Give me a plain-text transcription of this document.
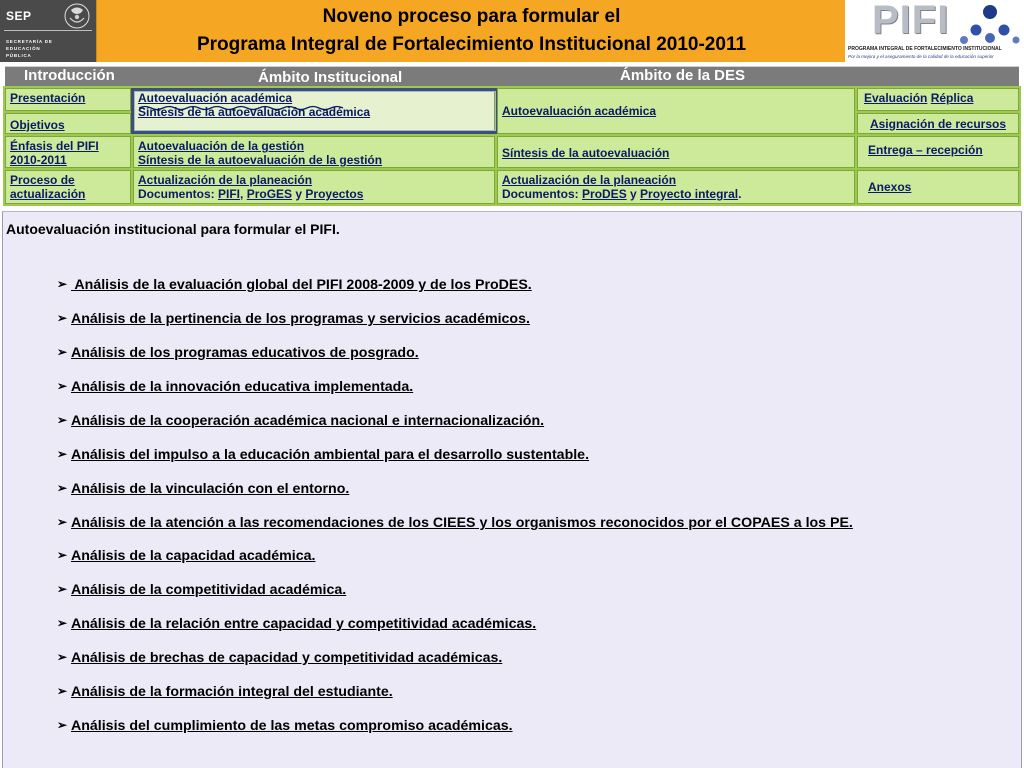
SEP
SECRETARÍA DE EDUCACIÓN PÚBLICA
Noveno proceso para formular el
Programa Integral de Fortalecimiento Institucional 2010-2011
PIFI
PROGRAMA INTEGRAL DE FORTALECIMIENTO INSTITUCIONAL
Por la mejora y el aseguramiento de la calidad de la educación superior
Introducción	Ámbito Institucional	Ámbito de la DES
Presentación
Objetivos
Énfasis del PIFI 2010-2011
Proceso de actualización
Autoevaluación académica
Síntesis de la autoevaluación académica
Autoevaluación de la gestión
Síntesis de la autoevaluación de la gestión
Actualización de la planeación
Documentos: PIFI, ProGES y Proyectos
Autoevaluación académica
Síntesis de la autoevaluación
Actualización de la planeación
Documentos: ProDES y Proyecto integral.
Evaluación Réplica
Asignación de recursos
Entrega – recepción
Anexos
Autoevaluación institucional para formular el PIFI.
➢ Análisis de la evaluación global del PIFI 2008-2009 y de los ProDES.
➢ Análisis de la pertinencia de los programas y servicios académicos.
➢ Análisis de los programas educativos de posgrado.
➢ Análisis de la innovación educativa implementada.
➢ Análisis de la cooperación académica nacional e internacionalización.
➢ Análisis del impulso a la educación ambiental para el desarrollo sustentable.
➢ Análisis de la vinculación con el entorno.
➢ Análisis de la atención a las recomendaciones de los CIEES y los organismos reconocidos por el COPAES a los PE.
➢ Análisis de la capacidad académica.
➢ Análisis de la competitividad académica.
➢ Análisis de la relación entre capacidad y competitividad académicas.
➢ Análisis de brechas de capacidad y competitividad académicas.
➢ Análisis de la formación integral del estudiante.
➢ Análisis del cumplimiento de las metas compromiso académicas.
